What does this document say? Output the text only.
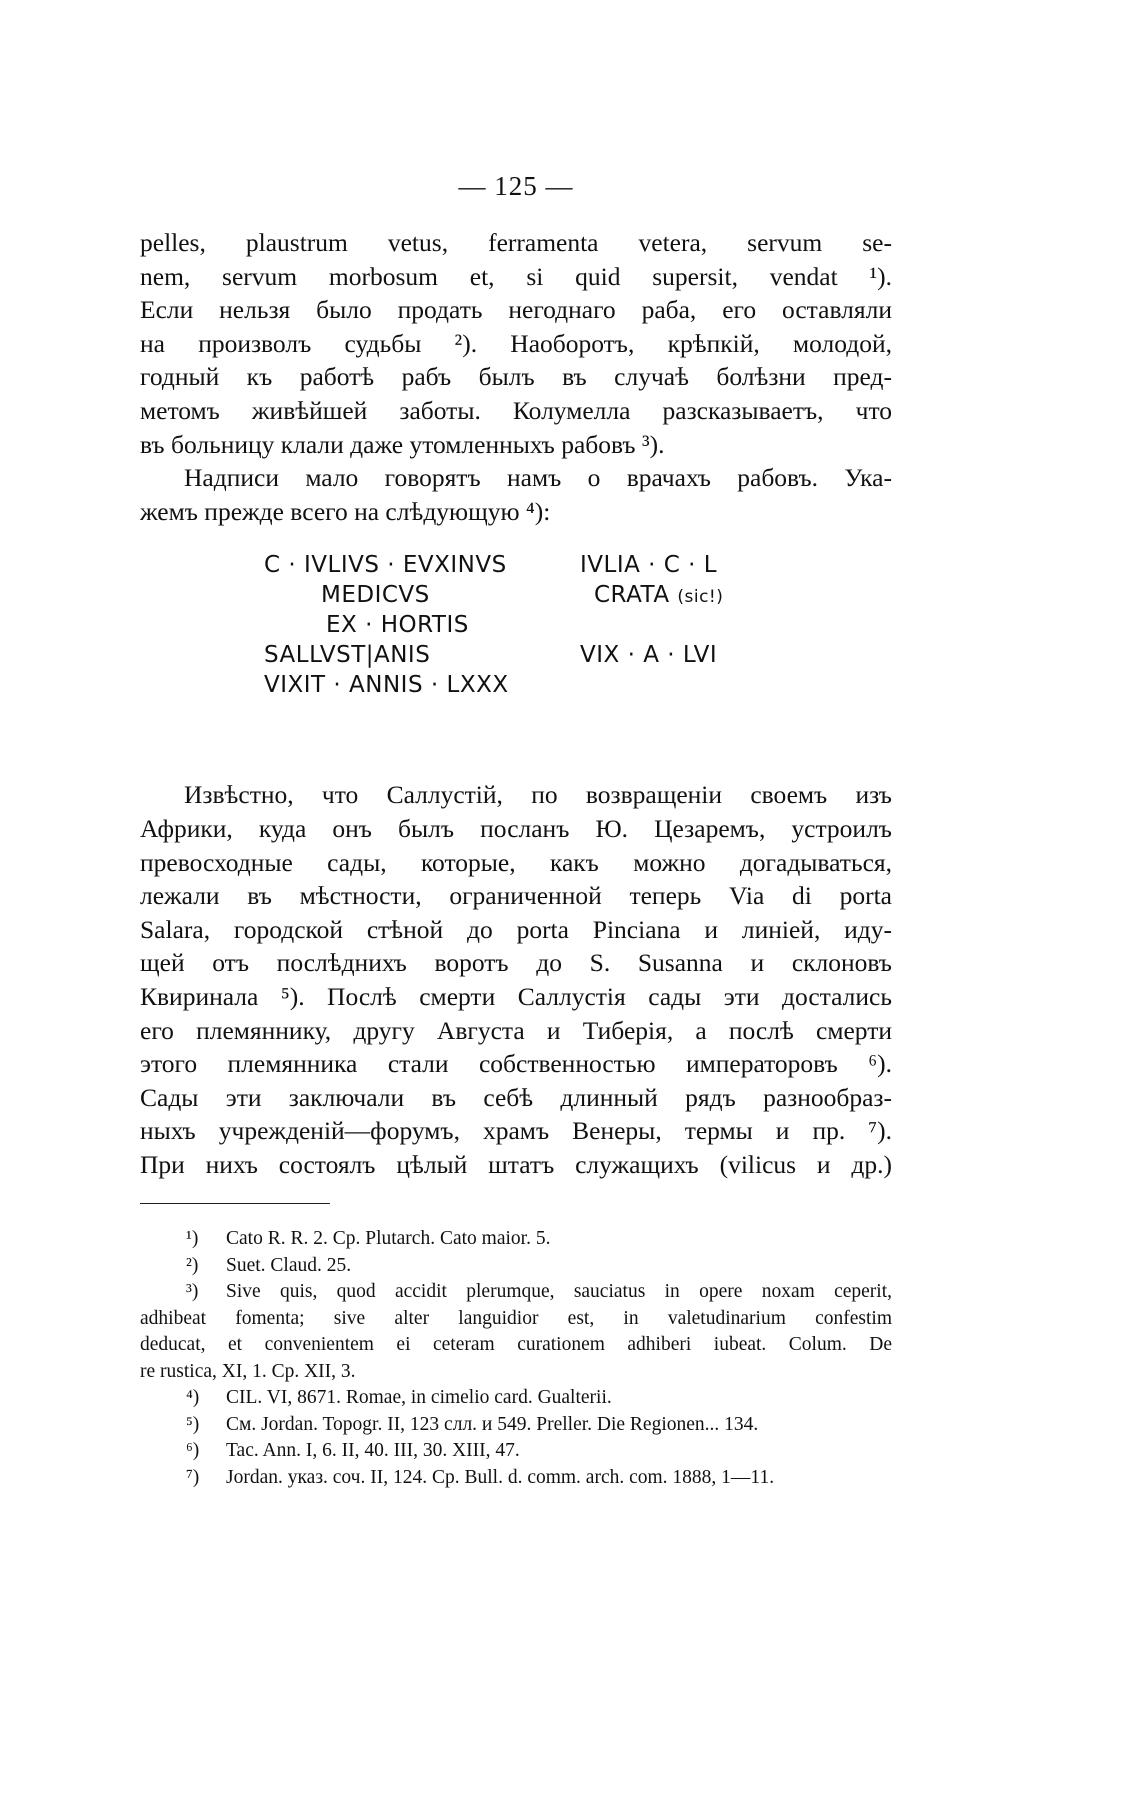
— 125 —
pelles, plaustrum vetus, ferramenta vetera, servum se-
nem, servum morbosum et, si quid supersit, vendat ¹).
Если нельзя было продать негоднаго раба, его оставляли
на произволъ судьбы ²). Наоборотъ, крѣпкій, молодой,
годный къ работѣ рабъ былъ въ случаѣ болѣзни пред-
метомъ живѣйшей заботы. Колумелла разсказываетъ, что
въ больницу клали даже утомленныхъ рабовъ ³).
Надписи мало говорятъ намъ о врачахъ рабовъ. Ука-
жемъ прежде всего на слѣдующую ⁴):
C · IVLIVS · EVXINVS
MEDICVS
EX · HORTIS
SALLVST|ANIS
VIXIT · ANNIS · LXXX
IVLIA · C · L
CRATA (sic!)

VIX · A · LVI
Извѣстно, что Саллустій, по возвращеніи своемъ изъ
Африки, куда онъ былъ посланъ Ю. Цезаремъ, устроилъ
превосходные сады, которые, какъ можно догадываться,
лежали въ мѣстности, ограниченной теперь Via di porta
Salara, городской стѣной до porta Pinciana и линіей, иду-
щей отъ послѣднихъ воротъ до S. Susanna и склоновъ
Квиринала ⁵). Послѣ смерти Саллустія сады эти достались
его племяннику, другу Августа и Тиберія, а послѣ смерти
этого племянника стали собственностью императоровъ ⁶).
Сады эти заключали въ себѣ длинный рядъ разнообраз-
ныхъ учрежденій—форумъ, храмъ Венеры, термы и пр. ⁷).
При нихъ состоялъ цѣлый штатъ служащихъ (vilicus и др.)
¹) Cato R. R. 2. Cp. Plutarch. Cato maior. 5.
²) Suet. Claud. 25.
³) Sive quis, quod accidit plerumque, sauciatus in opere noxam ceperit,
adhibeat fomenta; sive alter languidior est, in valetudinarium confestim
deducat, et convenientem ei ceteram curationem adhiberi iubeat. Colum. De
re rustica, XI, 1. Cp. XII, 3.
⁴) CIL. VI, 8671. Romae, in cimelio card. Gualterii.
⁵) См. Jordan. Topogr. II, 123 слл. и 549. Preller. Die Regionen... 134.
⁶) Tac. Ann. I, 6. II, 40. III, 30. XIII, 47.
⁷) Jordan. указ. соч. II, 124. Cp. Bull. d. comm. arch. com. 1888, 1—11.
